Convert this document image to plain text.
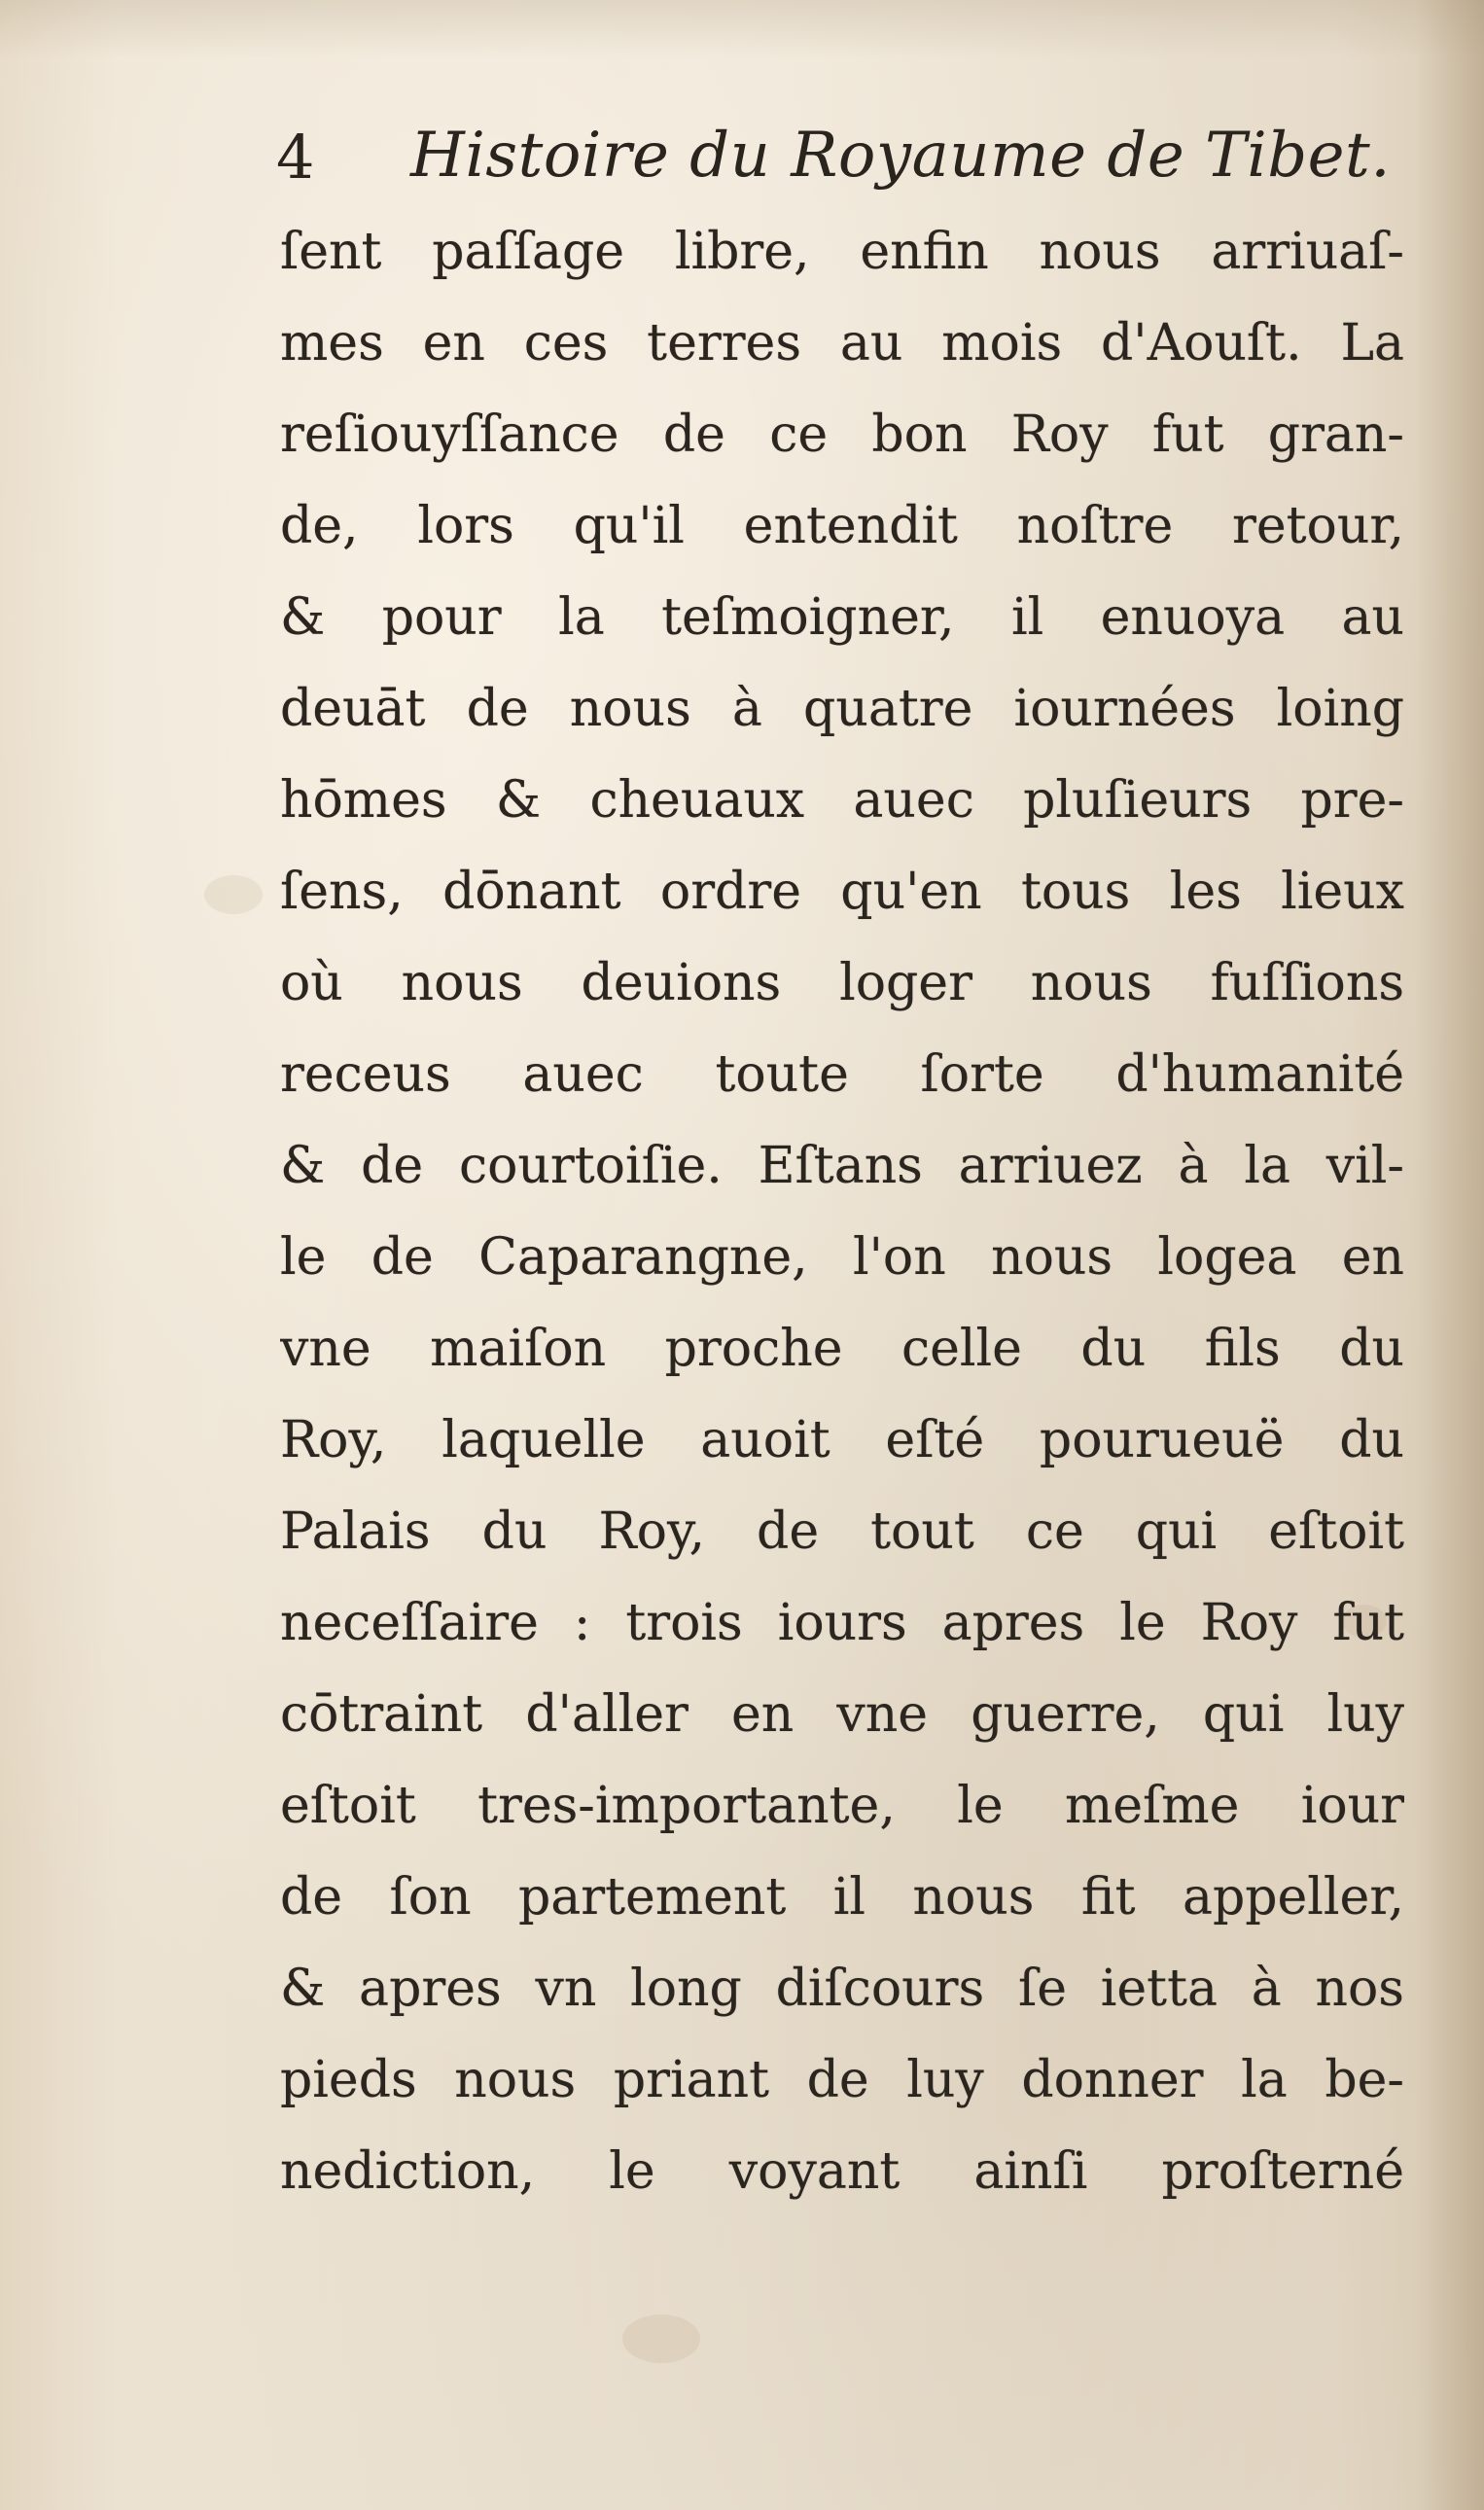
4 Histoire du Royaume de Tibet.
ſent paſſage libre, enfin nous arriuaſ-
mes en ces terres au mois d'Aouſt. La
reſiouyſſance de ce bon Roy fut gran-
de, lors qu'il entendit noſtre retour,
& pour la teſmoigner, il enuoya au
deuāt de nous à quatre iournées loing
hōmes & cheuaux auec pluſieurs pre-
ſens, dōnant ordre qu'en tous les lieux
où nous deuions loger nous fuſſions
receus auec toute ſorte d'humanité
& de courtoiſie. Eſtans arriuez à la vil-
le de Caparangne, l'on nous logea en
vne maiſon proche celle du fils du
Roy, laquelle auoit eſté pourueuë du
Palais du Roy, de tout ce qui eſtoit
neceſſaire : trois iours apres le Roy fut
cōtraint d'aller en vne guerre, qui luy
eſtoit tres-importante, le meſme iour
de ſon partement il nous fit appeller,
& apres vn long diſcours ſe ietta à nos
pieds nous priant de luy donner la be-
nediction, le voyant ainſi proſterné
